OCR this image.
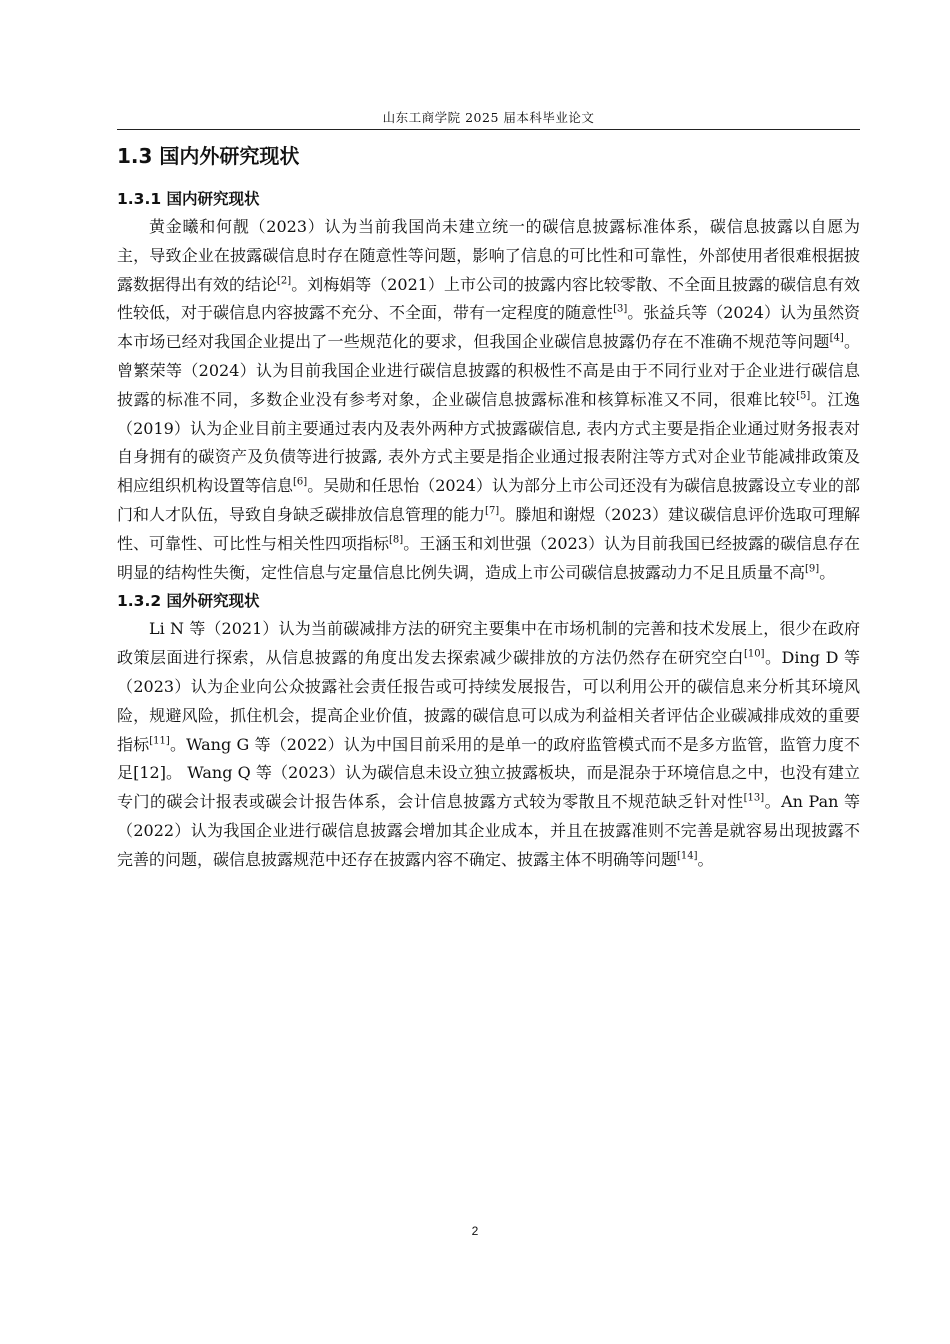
山东工商学院 2025 届本科毕业论文
1.3 国内外研究现状
1.3.1 国内研究现状

黄金曦和何靓（2023）认为当前我国尚未建立统一的碳信息披露标准体系，碳信息披露以自愿为主，导致企业在披露碳信息时存在随意性等问题，影响了信息的可比性和可靠性，外部使用者很难根据披露数据得出有效的结论[2]。刘梅娟等（2021）上市公司的披露内容比较零散、不全面且披露的碳信息有效性较低，对于碳信息内容披露不充分、不全面，带有一定程度的随意性[3]。张益兵等（2024）认为虽然资本市场已经对我国企业提出了一些规范化的要求，但我国企业碳信息披露仍存在不准确不规范等问题[4]。曾繁荣等（2024）认为目前我国企业进行碳信息披露的积极性不高是由于不同行业对于企业进行碳信息披露的标准不同，多数企业没有参考对象，企业碳信息披露标准和核算标准又不同，很难比较[5]。江逸（2019）认为企业目前主要通过表内及表外两种方式披露碳信息, 表内方式主要是指企业通过财务报表对自身拥有的碳资产及负债等进行披露, 表外方式主要是指企业通过报表附注等方式对企业节能减排政策及相应组织机构设置等信息[6]。吴勋和任思怡（2024）认为部分上市公司还没有为碳信息披露设立专业的部门和人才队伍，导致自身缺乏碳排放信息管理的能力[7]。滕旭和谢煜（2023）建议碳信息评价选取可理解性、可靠性、可比性与相关性四项指标[8]。王涵玉和刘世强（2023）认为目前我国已经披露的碳信息存在明显的结构性失衡，定性信息与定量信息比例失调，造成上市公司碳信息披露动力不足且质量不高[9]。

1.3.2 国外研究现状

Li N 等（2021）认为当前碳减排方法的研究主要集中在市场机制的完善和技术发展上，很少在政府政策层面进行探索，从信息披露的角度出发去探索减少碳排放的方法仍然存在研究空白[10]。Ding D 等（2023）认为企业向公众披露社会责任报告或可持续发展报告，可以利用公开的碳信息来分析其环境风险，规避风险，抓住机会，提高企业价值，披露的碳信息可以成为利益相关者评估企业碳减排成效的重要指标[11]。Wang G 等（2022）认为中国目前采用的是单一的政府监管模式而不是多方监管，监管力度不足[12]。 Wang Q 等（2023）认为碳信息未设立独立披露板块，而是混杂于环境信息之中，也没有建立专门的碳会计报表或碳会计报告体系，会计信息披露方式较为零散且不规范缺乏针对性[13]。An Pan 等（2022）认为我国企业进行碳信息披露会增加其企业成本，并且在披露准则不完善是就容易出现披露不完善的问题，碳信息披露规范中还存在披露内容不确定、披露主体不明确等问题[14]。

2
